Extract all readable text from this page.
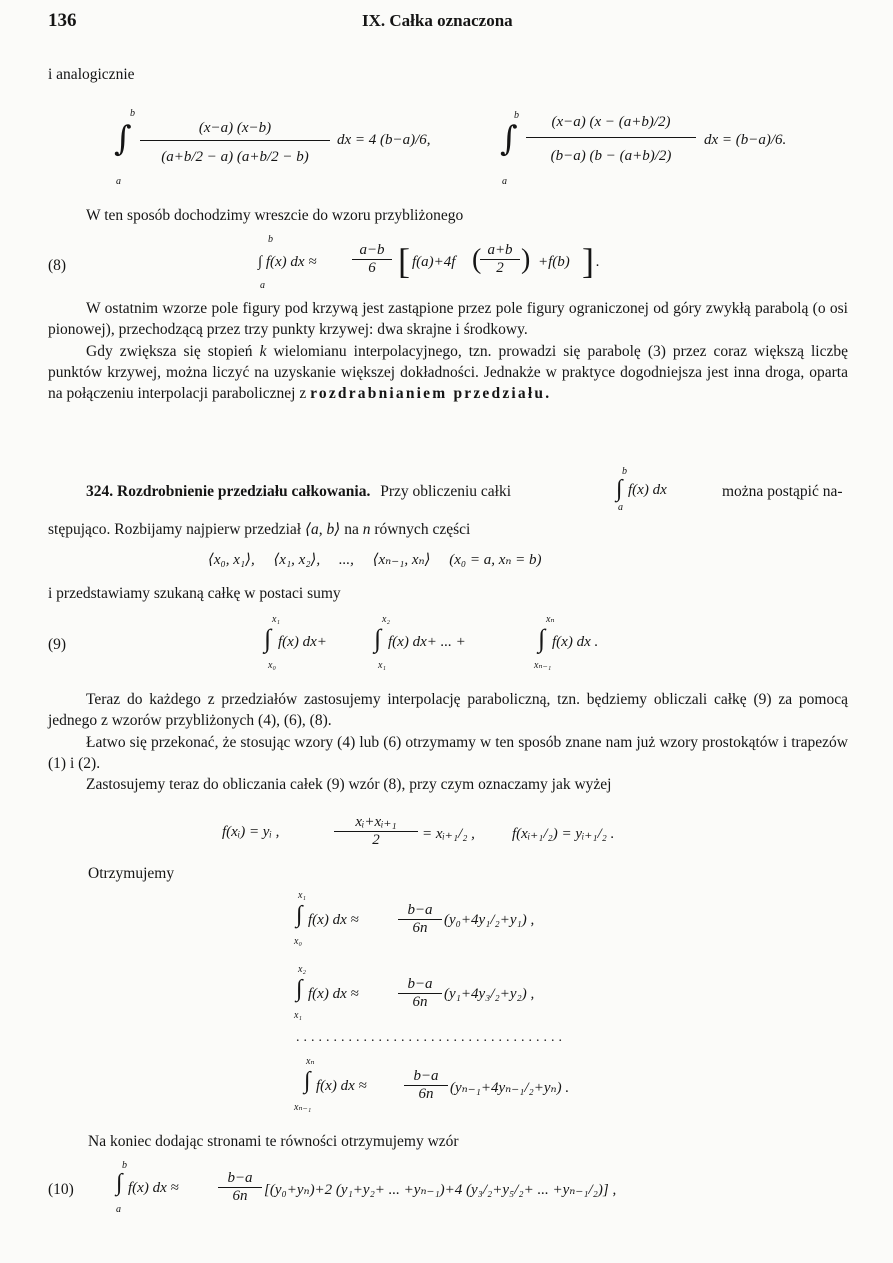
136	IX. Całka oznaczona
i analogicznie
b
∫
a
$\frac{(x-a) (x-b)}{(a+b/2 - a) (a+b/2 - b)}$ dx = 4 (b−a)/6,
b
∫
a
$\frac{(x-a) (x - (a+b)/2)}{(b-a) (b - (a+b)/2)}$ dx = (b−a)/6.
W ten sposób dochodzimy wreszcie do wzoru przybliżonego
(8)
b
a
∫ f(x) dx ≈ $\frac{a-b}{6}$ [ f(a)+4f (
$\frac{a+b}{2}$ ) +f(b) ] .
W ostatnim wzorze pole figury pod krzywą jest zastąpione przez pole figury ograniczonej od góry zwykłą parabolą (o osi pionowej), przechodzącą przez trzy punkty krzywej: dwa skrajne i środkowy.
Gdy zwiększa się stopień k wielomianu interpolacyjnego, tzn. prowadzi się parabolę (3) przez coraz większą liczbę punktów krzywej, można liczyć na uzyskanie większej dokładności. Jednakże w praktyce dogodniejsza jest inna droga, oparta na połączeniu interpolacji parabolicznej z rozdrabnianiem przedziału.
324. Rozdrobnienie przedziału całkowania. Przy obliczeniu całki
b
∫ f(x) dx
a
można postąpić na-
stępująco. Rozbijamy najpierw przedział ⟨a, b⟩ na n równych części
⟨x₀, x₁⟩,     ⟨x₁, x₂⟩,     ...,     ⟨xₙ₋₁, xₙ⟩     (x₀ = a, xₙ = b)
i przedstawiamy szukaną całkę w postaci sumy
(9)
x₁
∫
x₀
f(x) dx+
x₂
∫
x₁
f(x) dx+ ... +
xₙ
∫
xₙ₋₁
f(x) dx .
Teraz do każdego z przedziałów zastosujemy interpolację paraboliczną, tzn. będziemy obliczali całkę (9) za pomocą jednego z wzorów przybliżonych (4), (6), (8).
Łatwo się przekonać, że stosując wzory (4) lub (6) otrzymamy w ten sposób znane nam już wzory prostokątów i trapezów (1) i (2).
Zastosujemy teraz do obliczania całek (9) wzór (8), przy czym oznaczamy jak wyżej
f(xᵢ) = yᵢ ,	$\frac{\text{xᵢ+xᵢ₊₁}}{2}$ = xᵢ₊₁/₂ , f(xᵢ₊₁/₂) = yᵢ₊₁/₂ .
Otrzymujemy
x₁
∫
x₀
f(x) dx ≈	$\frac{b-a}{6n} (y_0+4y_1/_2+y_1)$ ,
x₂
∫
x₁
f(x) dx ≈	$\frac{b-a}{6n} (y_1+4y_3/_2+y_2)$ ,
....................................
xₙ
∫
xₙ₋₁
f(x) dx ≈ $\frac{b-a}{6n} (y_{n-1}+4y_{n-1}/_2+y_n)$ .
Na koniec dodając stronami te równości otrzymujemy wzór
(10)
b
∫
a
f(x) dx ≈	$\frac{b-a}{6n} [(y_0+y_n)+2$ (y₁+y₂+ ... +yₙ₋₁)+4 (y₃/₂+y₅/₂+ ... +yₙ₋₁/₂)] ,
